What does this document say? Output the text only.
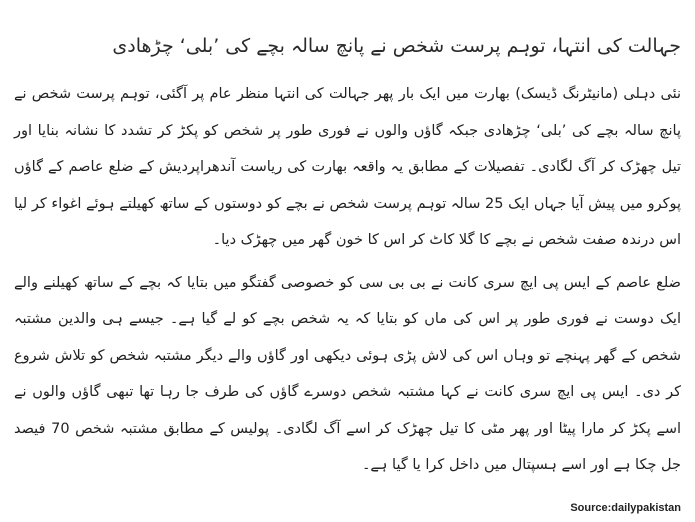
جہالت کی انتہا، توہم پرست شخص نے پانچ سالہ بچے کی ’بلی‘ چڑھادی

نئی دہلی (مانیٹرنگ ڈیسک) بھارت میں ایک بار پھر جہالت کی انتہا منظر عام پر آگئی، توہم پرست شخص نے پانچ سالہ بچے کی ’بلی‘ چڑھادی جبکہ گاؤں والوں نے فوری طور پر شخص کو پکڑ کر تشدد کا نشانہ بنایا اور تیل چھڑک کر آگ لگادی۔ تفصیلات کے مطابق یہ واقعہ بھارت کی ریاست آندھراپردیش کے ضلع عاصم کے گاؤں پوکرو میں پیش آیا جہاں ایک 25 سالہ توہم پرست شخص نے بچے کو دوستوں کے ساتھ کھیلتے ہوئے اغواء کر لیا اس درندہ صفت شخص نے بچے کا گلا کاٹ کر اس کا خون گھر میں چھڑک دیا۔

ضلع عاصم کے ایس پی ایچ سری کانت نے بی بی سی کو خصوصی گفتگو میں بتایا کہ بچے کے ساتھ کھیلنے والے ایک دوست نے فوری طور پر اس کی ماں کو بتایا کہ یہ شخص بچے کو لے گیا ہے۔ جیسے ہی والدین مشتبہ شخص کے گھر پہنچے تو وہاں اس کی لاش پڑی ہوئی دیکھی اور گاؤں والے دیگر مشتبہ شخص کو تلاش شروع کر دی۔ ایس پی ایچ سری کانت نے کہا مشتبہ شخص دوسرے گاؤں کی طرف جا رہا تھا تبھی گاؤں والوں نے اسے پکڑ کر مارا پیٹا اور پھر مٹی کا تیل چھڑک کر اسے آگ لگادی۔ پولیس کے مطابق مشتبہ شخص 70 فیصد جل چکا ہے اور اسے ہسپتال میں داخل کرا یا گیا ہے۔

Source:dailypakistan
